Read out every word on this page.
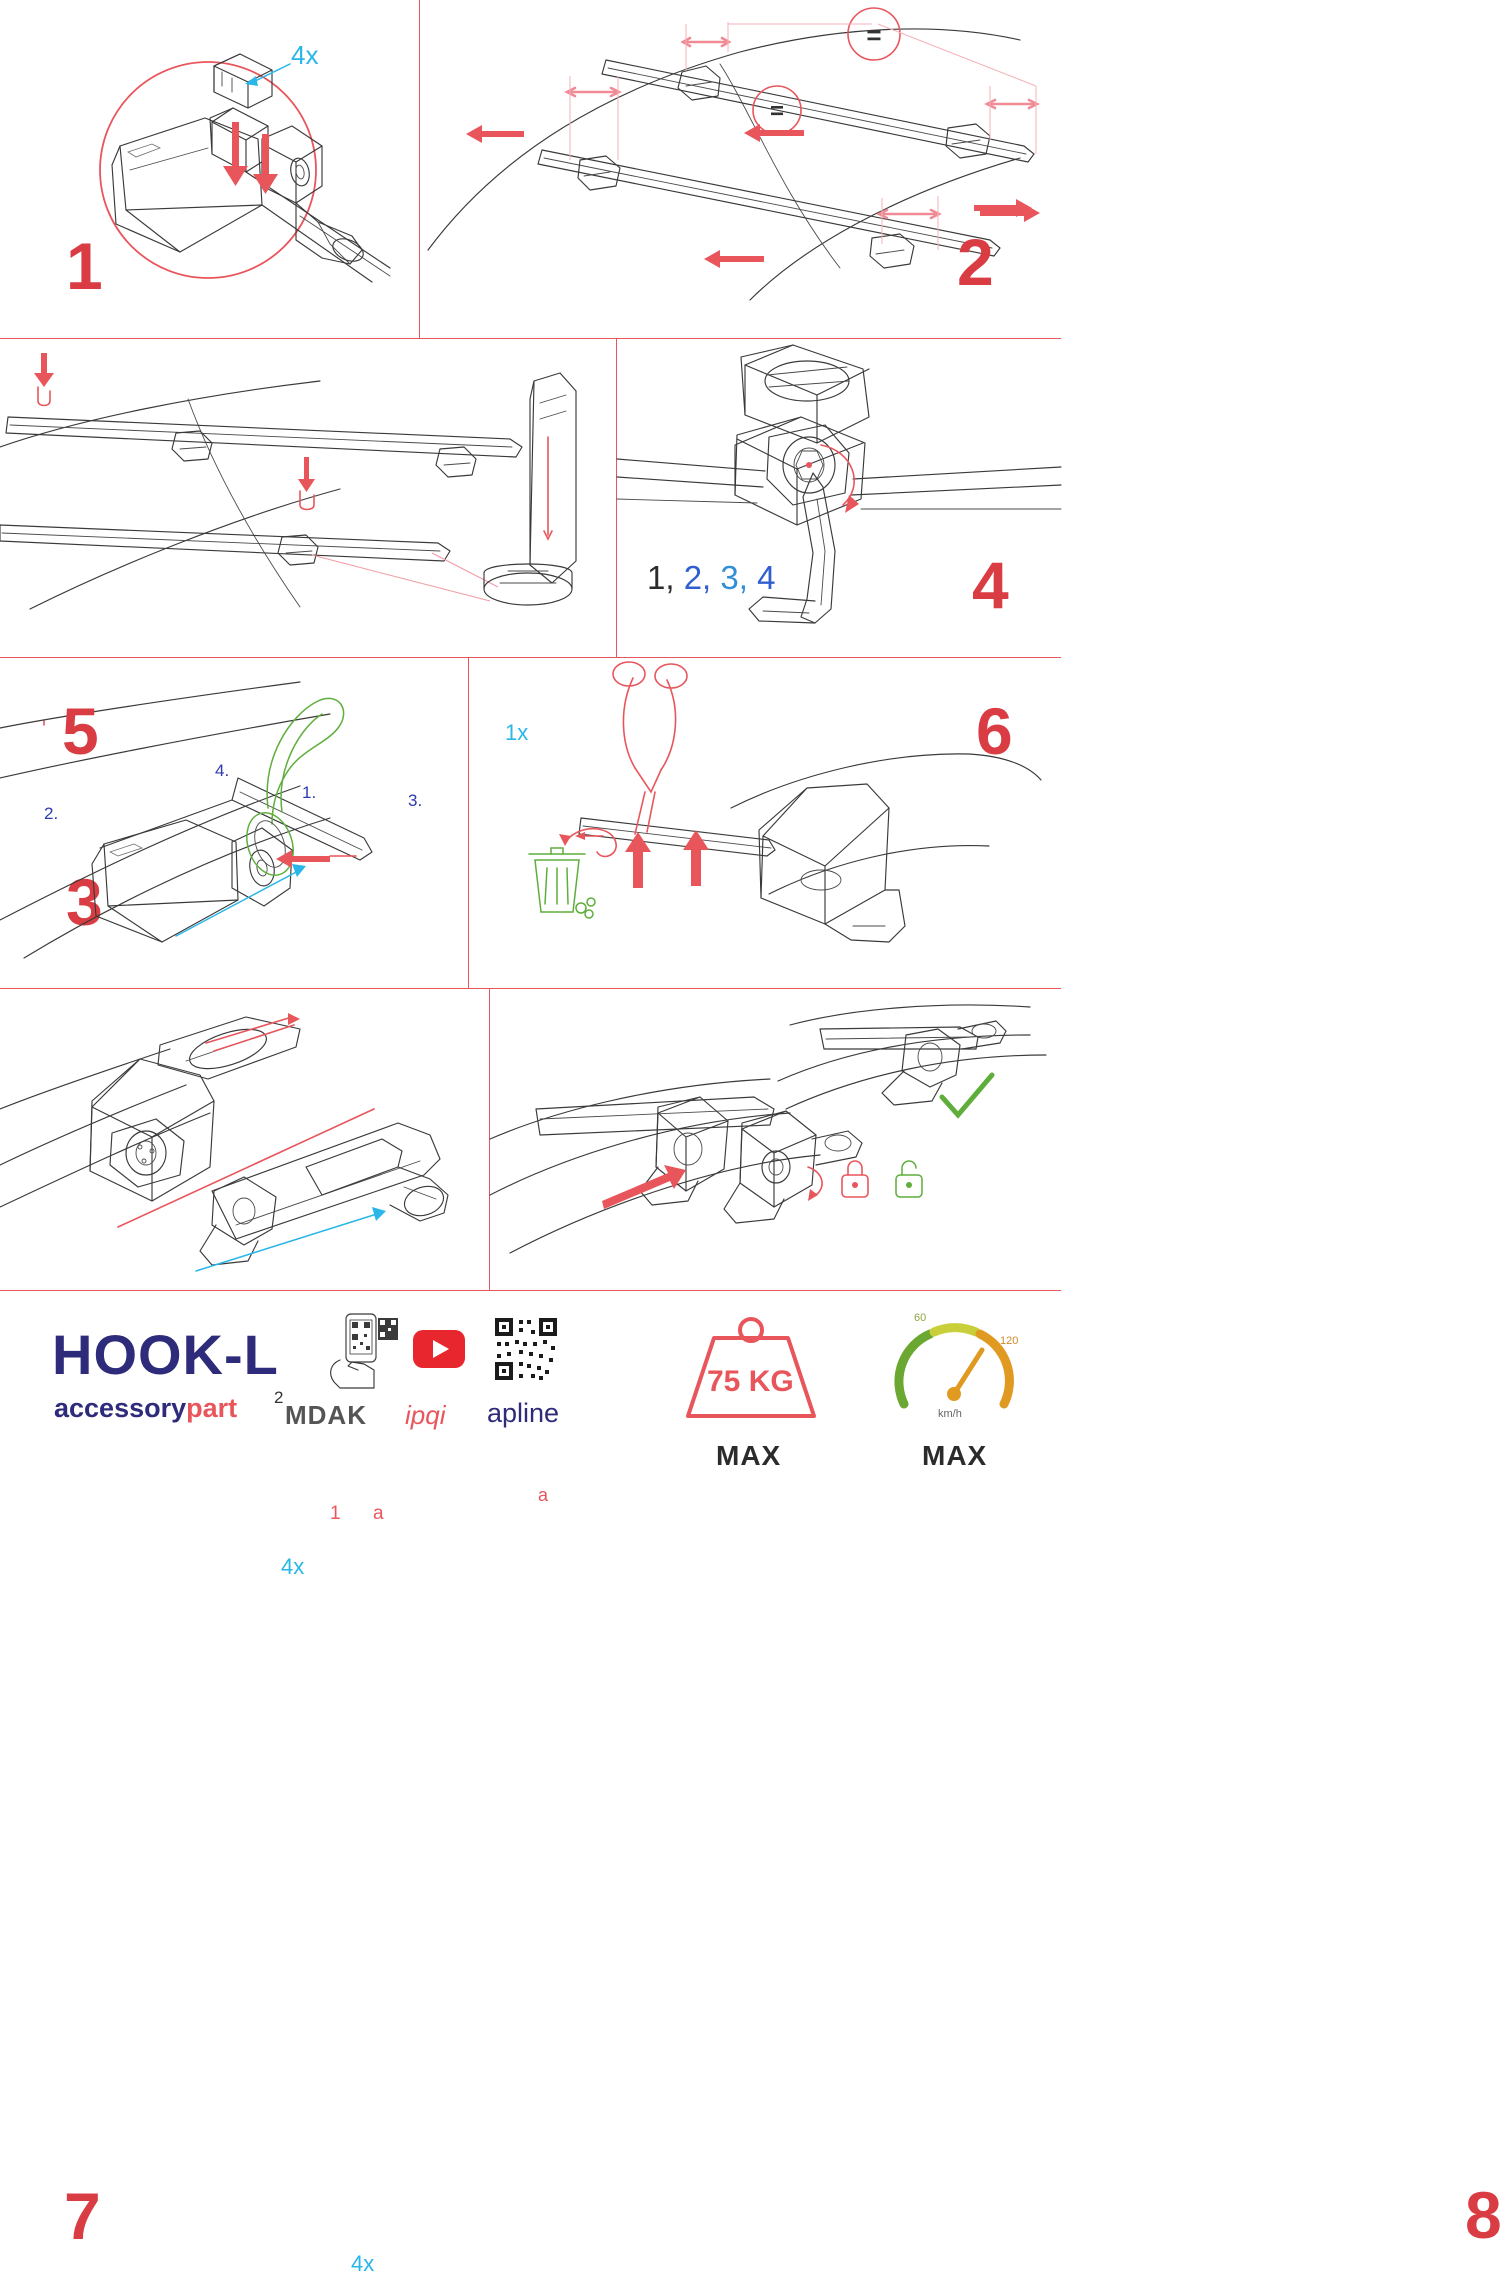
4x
1
=
=
2
1x
1.
2.
3.
4.
3
1, 2, 3, 4	4
5
2
1 a
4x
6
a
7
4x
8
HOOK-L
accessorypart MDAK ipqi apline
75 KG
MAX
60
120
km/h
MAX
